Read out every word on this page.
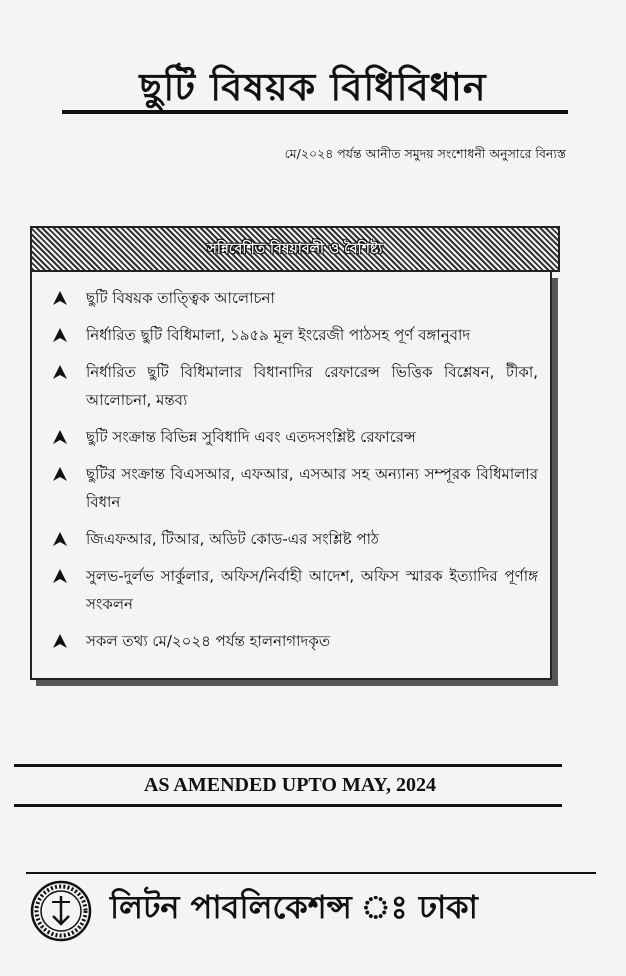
ছুটি বিষয়ক বিধিবিধান
মে/২০২৪ পর্যন্ত আনীত সমুদয় সংশোধনী অনুসারে বিন্যস্ত
সন্নিবেশিত বিষয়াবলী ও বৈশিষ্ট্য
ছুটি বিষয়ক তাত্ত্বিক আলোচনা
নির্ধারিত ছুটি বিধিমালা, ১৯৫৯ মূল ইংরেজী পাঠসহ পূর্ণ বঙ্গানুবাদ
নির্ধারিত ছুটি বিধিমালার বিধানাদির রেফারেন্স ভিত্তিক বিশ্লেষন, টীকা, আলোচনা, মন্তব্য
ছুটি সংক্রান্ত বিভিন্ন সুবিধাদি এবং এতদসংশ্লিষ্ট রেফারেন্স
ছুটির সংক্রান্ত বিএসআর, এফআর, এসআর সহ অন্যান্য সম্পূরক বিধিমালার বিধান
জিএফআর, টিআর, অডিট কোড-এর সংশ্লিষ্ট পাঠ
সুলভ-দুর্লভ সার্কুলার, অফিস/নির্বাহী আদেশ, অফিস স্মারক ইত্যাদির পূর্ণাঙ্গ সংকলন
সকল তথ্য মে/২০২৪ পর্যন্ত হালনাগাদকৃত
AS AMENDED UPTO MAY, 2024
লিটন পাবলিকেশন্স ঃ ঢাকা
